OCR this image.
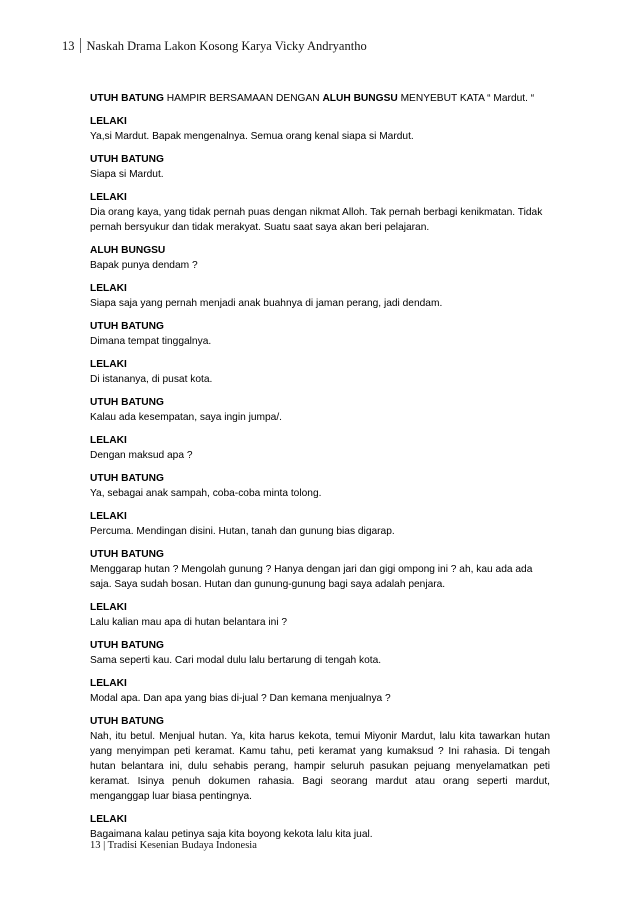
13 Naskah Drama Lakon Kosong Karya Vicky Andryantho

UTUH BATUNG HAMPIR BERSAMAAN DENGAN ALUH BUNGSU MENYEBUT KATA “ Mardut. “

LELAKI
Ya,si Mardut. Bapak mengenalnya. Semua orang kenal siapa si Mardut.
UTUH BATUNG
Siapa si Mardut.
LELAKI
Dia orang kaya, yang tidak pernah puas dengan nikmat Alloh. Tak pernah berbagi kenikmatan. Tidak pernah bersyukur dan tidak merakyat. Suatu saat saya akan beri pelajaran.
ALUH BUNGSU
Bapak punya dendam ?
LELAKI
Siapa saja yang pernah menjadi anak buahnya di jaman perang, jadi dendam.
UTUH BATUNG
Dimana tempat tinggalnya.
LELAKI
Di istananya, di pusat kota.
UTUH BATUNG
Kalau ada kesempatan, saya ingin jumpa/.
LELAKI
Dengan maksud apa ?
UTUH BATUNG
Ya, sebagai anak sampah, coba-coba minta tolong.
LELAKI
Percuma. Mendingan disini. Hutan, tanah dan gunung bias digarap.
UTUH BATUNG
Menggarap hutan ? Mengolah gunung ? Hanya dengan jari dan gigi ompong ini ? ah, kau ada ada saja. Saya sudah bosan. Hutan dan gunung-gunung bagi saya adalah penjara.
LELAKI
Lalu kalian mau apa di hutan belantara ini ?
UTUH BATUNG
Sama seperti kau. Cari modal dulu lalu bertarung di tengah kota.
LELAKI
Modal apa. Dan apa yang bias di-jual ? Dan kemana menjualnya ?
UTUH BATUNG
Nah, itu betul. Menjual hutan. Ya, kita harus kekota, temui Miyonir Mardut, lalu kita tawarkan hutan yang menyimpan peti keramat. Kamu tahu, peti keramat yang kumaksud ? Ini rahasia. Di tengah hutan belantara ini, dulu sehabis perang, hampir seluruh pasukan pejuang menyelamatkan peti keramat. Isinya penuh dokumen rahasia. Bagi seorang mardut atau orang seperti mardut, menganggap luar biasa pentingnya.
LELAKI
Bagaimana kalau petinya saja kita boyong kekota lalu kita jual.
13 | Tradisi Kesenian Budaya Indonesia
